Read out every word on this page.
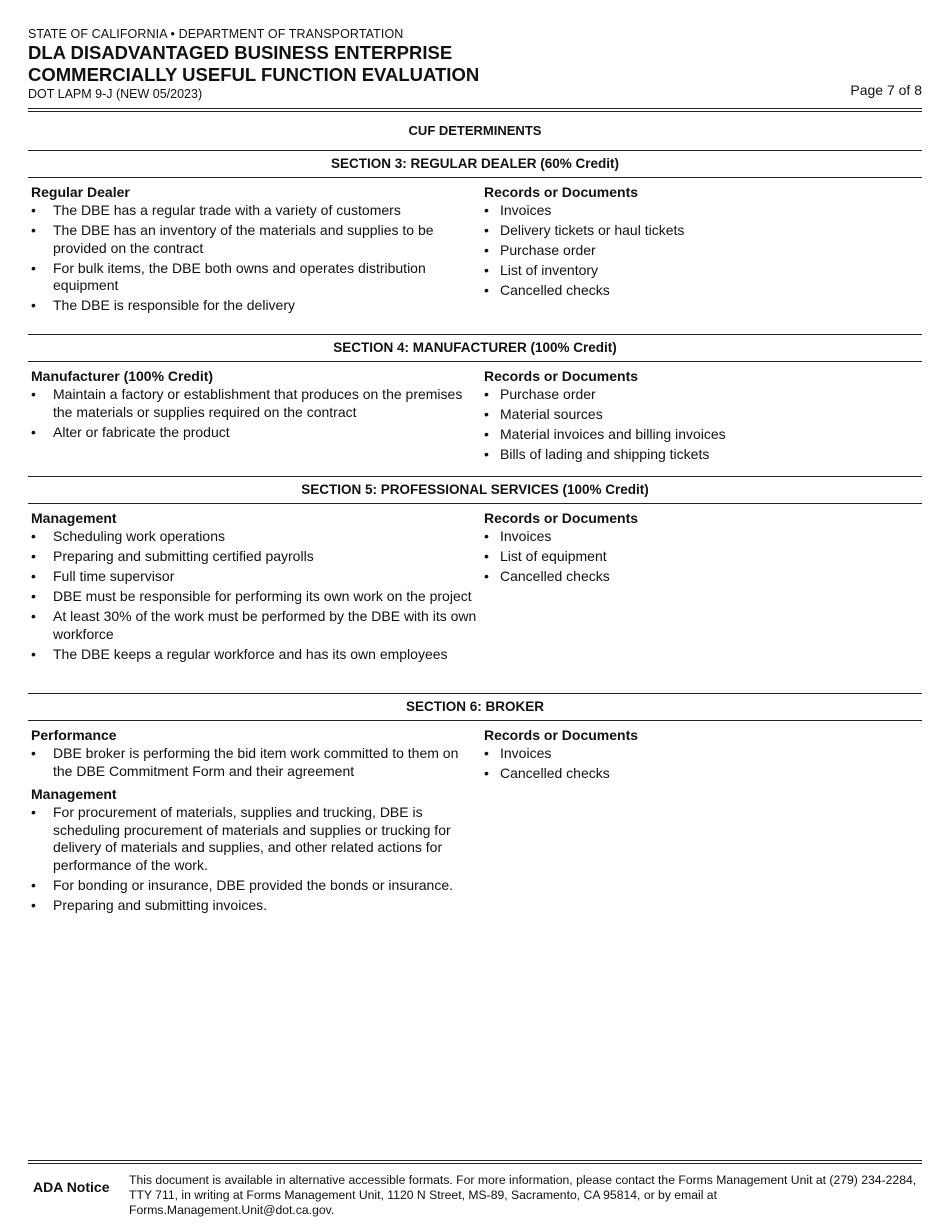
STATE OF CALIFORNIA • DEPARTMENT OF TRANSPORTATION
DLA DISADVANTAGED BUSINESS ENTERPRISE
COMMERCIALLY USEFUL FUNCTION EVALUATION
DOT LAPM 9-J (NEW 05/2023)	Page 7 of 8
CUF DETERMINENTS
SECTION 3: REGULAR DEALER (60% Credit)
Regular Dealer
• The DBE has a regular trade with a variety of customers
• The DBE has an inventory of the materials and supplies to be provided on the contract
• For bulk items, the DBE both owns and operates distribution equipment
• The DBE is responsible for the delivery
Records or Documents
• Invoices
• Delivery tickets or haul tickets
• Purchase order
• List of inventory
• Cancelled checks
SECTION 4: MANUFACTURER (100% Credit)
Manufacturer (100% Credit)
• Maintain a factory or establishment that produces on the premises the materials or supplies required on the contract
• Alter or fabricate the product
Records or Documents
• Purchase order
• Material sources
• Material invoices and billing invoices
• Bills of lading and shipping tickets
SECTION 5: PROFESSIONAL SERVICES (100% Credit)
Management
• Scheduling work operations
• Preparing and submitting certified payrolls
• Full time supervisor
• DBE must be responsible for performing its own work on the project
• At least 30% of the work must be performed by the DBE with its own workforce
• The DBE keeps a regular workforce and has its own employees
Records or Documents
• Invoices
• List of equipment
• Cancelled checks
SECTION 6: BROKER
Performance
• DBE broker is performing the bid item work committed to them on the DBE Commitment Form and their agreement
Management
• For procurement of materials, supplies and trucking, DBE is scheduling procurement of materials and supplies or trucking for delivery of materials and supplies, and other related actions for performance of the work.
• For bonding or insurance, DBE provided the bonds or insurance.
• Preparing and submitting invoices.
Records or Documents
• Invoices
• Cancelled checks
ADA Notice	This document is available in alternative accessible formats. For more information, please contact the Forms Management Unit at (279) 234-2284, TTY 711, in writing at Forms Management Unit, 1120 N Street, MS-89, Sacramento, CA 95814, or by email at Forms.Management.Unit@dot.ca.gov.
